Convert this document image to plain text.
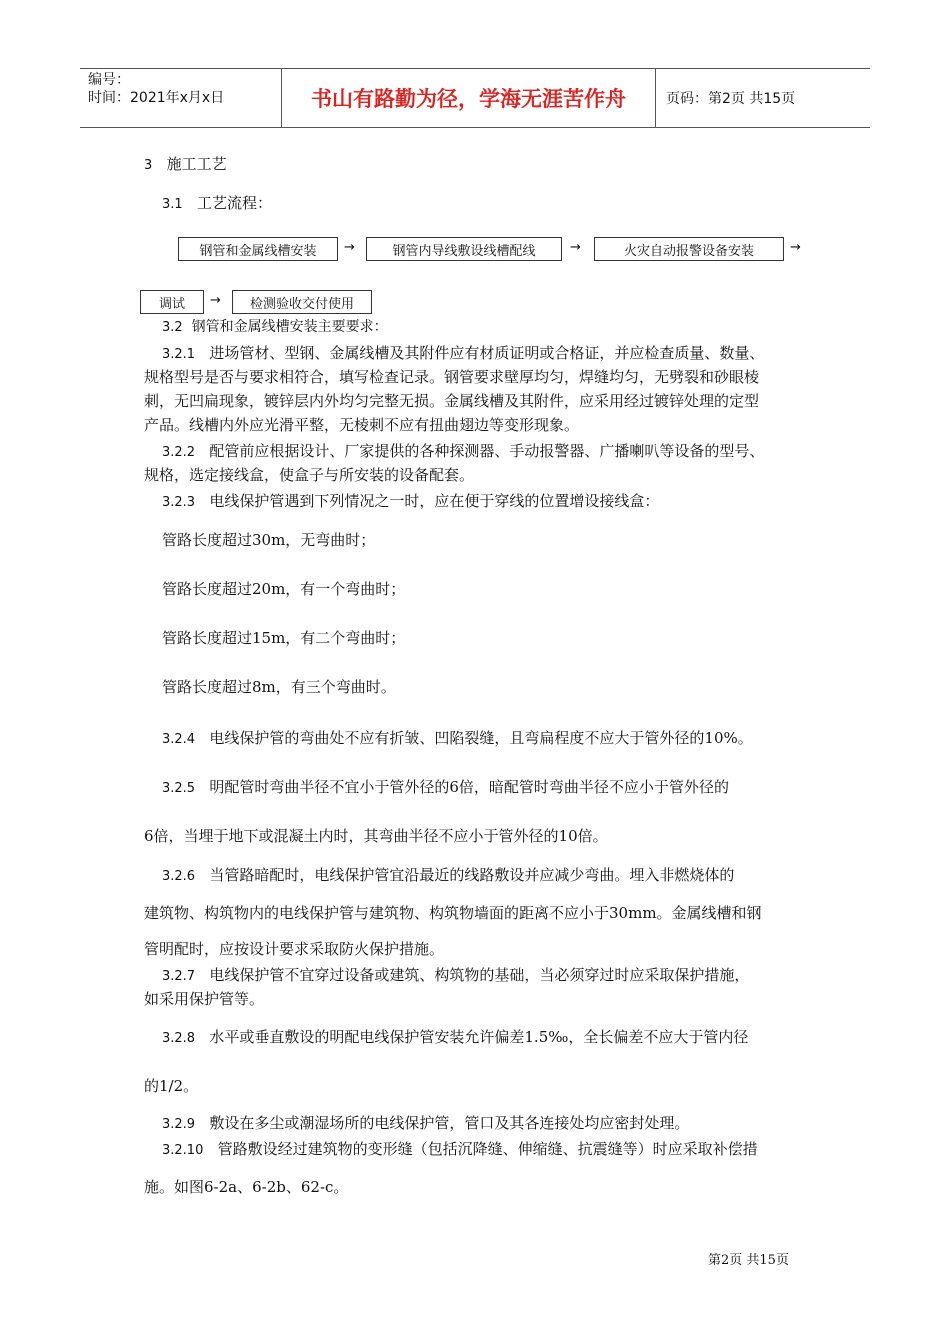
编号：
时间：2021年x月x日	书山有路勤为径，学海无涯苦作舟	页码：第2页 共15页
3 施工工艺
3.1 工艺流程：
钢管和金属线槽安装	→	钢管内导线敷设线槽配线	→	火灾自动报警设备安装	→
调试	→	检测验收交付使用
3.2 钢管和金属线槽安装主要要求：
3.2.1 进场管材、型钢、金属线槽及其附件应有材质证明或合格证，并应检查质量、数量、
规格型号是否与要求相符合，填写检查记录。钢管要求壁厚均匀，焊缝均匀，无劈裂和砂眼棱
刺，无凹扁现象，镀锌层内外均匀完整无损。金属线槽及其附件，应采用经过镀锌处理的定型
产品。线槽内外应光滑平整，无棱刺不应有扭曲翅边等变形现象。
3.2.2 配管前应根据设计、厂家提供的各种探测器、手动报警器、广播喇叭等设备的型号、
规格，选定接线盒，使盒子与所安装的设备配套。
3.2.3 电线保护管遇到下列情况之一时，应在便于穿线的位置增设接线盒：
管路长度超过30m，无弯曲时；
管路长度超过20m，有一个弯曲时；
管路长度超过15m，有二个弯曲时；
管路长度超过8m，有三个弯曲时。
3.2.4 电线保护管的弯曲处不应有折皱、凹陷裂缝，且弯扁程度不应大于管外径的10%。
3.2.5 明配管时弯曲半径不宜小于管外径的6倍，暗配管时弯曲半径不应小于管外径的
6倍，当埋于地下或混凝土内时，其弯曲半径不应小于管外径的10倍。
3.2.6 当管路暗配时，电线保护管宜沿最近的线路敷设并应减少弯曲。埋入非燃烧体的
建筑物、构筑物内的电线保护管与建筑物、构筑物墙面的距离不应小于30mm。金属线槽和钢
管明配时，应按设计要求采取防火保护措施。
3.2.7 电线保护管不宜穿过设备或建筑、构筑物的基础，当必须穿过时应采取保护措施，
如采用保护管等。
3.2.8 水平或垂直敷设的明配电线保护管安装允许偏差1.5‰，全长偏差不应大于管内径
的1/2。
3.2.9 敷设在多尘或潮湿场所的电线保护管，管口及其各连接处均应密封处理。
3.2.10 管路敷设经过建筑物的变形缝（包括沉降缝、伸缩缝、抗震缝等）时应采取补偿措
施。如图6-2a、6-2b、62-c。
第2页 共15页
